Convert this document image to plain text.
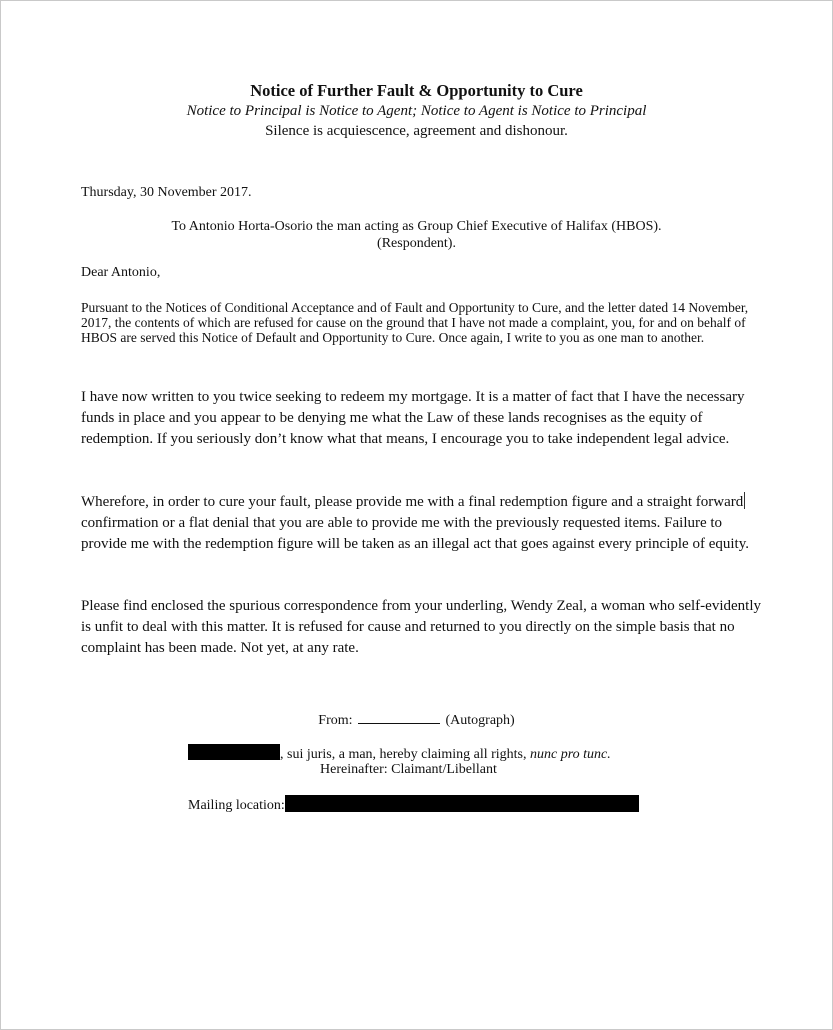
Notice of Further Fault & Opportunity to Cure
Notice to Principal is Notice to Agent; Notice to Agent is Notice to Principal
Silence is acquiescence, agreement and dishonour.
Thursday, 30 November 2017.
To Antonio Horta-Osorio the man acting as Group Chief Executive of Halifax (HBOS).
(Respondent).
Dear Antonio,
Pursuant to the Notices of Conditional Acceptance and of Fault and Opportunity to Cure, and the letter dated 14 November, 2017, the contents of which are refused for cause on the ground that I have not made a complaint, you, for and on behalf of HBOS are served this Notice of Default and Opportunity to Cure. Once again, I write to you as one man to another.
I have now written to you twice seeking to redeem my mortgage. It is a matter of fact that I have the necessary funds in place and you appear to be denying me what the Law of these lands recognises as the equity of redemption. If you seriously don’t know what that means, I encourage you to take independent legal advice.
Wherefore, in order to cure your fault, please provide me with a final redemption figure and a straight forwardconfirmation or a flat denial that you are able to provide me with the previously requested items. Failure to provide me with the redemption figure will be taken as an illegal act that goes against every principle of equity.
Please find enclosed the spurious correspondence from your underling, Wendy Zeal, a woman who self-evidently is unfit to deal with this matter. It is refused for cause and returned to you directly on the simple basis that no complaint has been made. Not yet, at any rate.
From:	(Autograph)
, sui juris, a man, hereby claiming all rights, nunc pro tunc.
Hereinafter: Claimant/Libellant
Mailing location:
